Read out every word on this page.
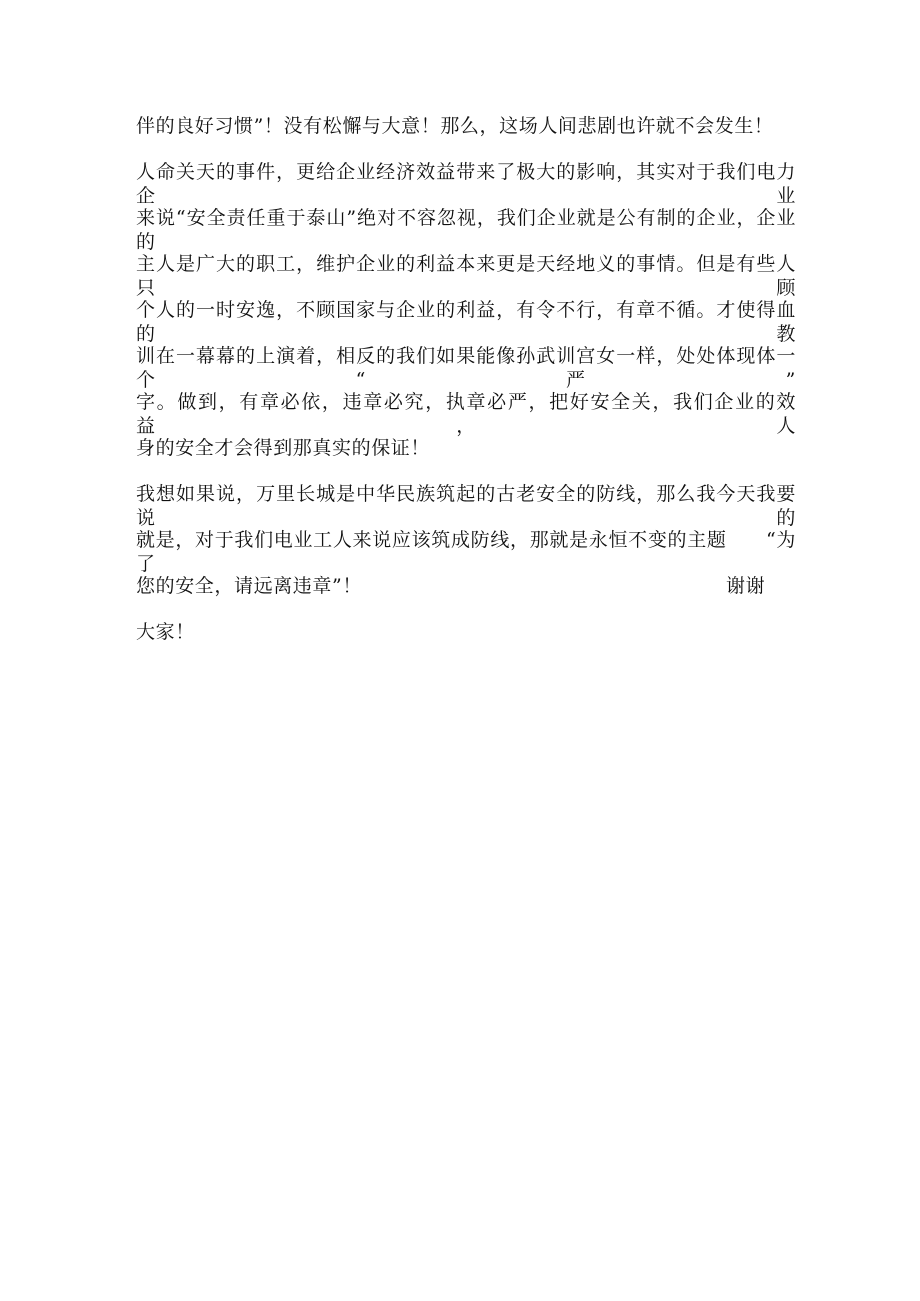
伴的良好习惯”！没有松懈与大意！那么，这场人间悲剧也许就不会发生！
人命关天的事件，更给企业经济效益带来了极大的影响，其实对于我们电力企业
来说“安全责任重于泰山”绝对不容忽视，我们企业就是公有制的企业，企业的
主人是广大的职工，维护企业的利益本来更是天经地义的事情。但是有些人只顾
个人的一时安逸，不顾国家与企业的利益，有令不行，有章不循。才使得血的教
训在一幕幕的上演着，相反的我们如果能像孙武训宫女一样，处处体现体一个“严”
字。做到，有章必依，违章必究，执章必严，把好安全关，我们企业的效益，人
身的安全才会得到那真实的保证！
我想如果说，万里长城是中华民族筑起的古老安全的防线，那么我今天我要说的
就是，对于我们电业工人来说应该筑成防线，那就是永恒不变的主题　　“为了
您的安全，请远离违章”！	谢谢
大家！
